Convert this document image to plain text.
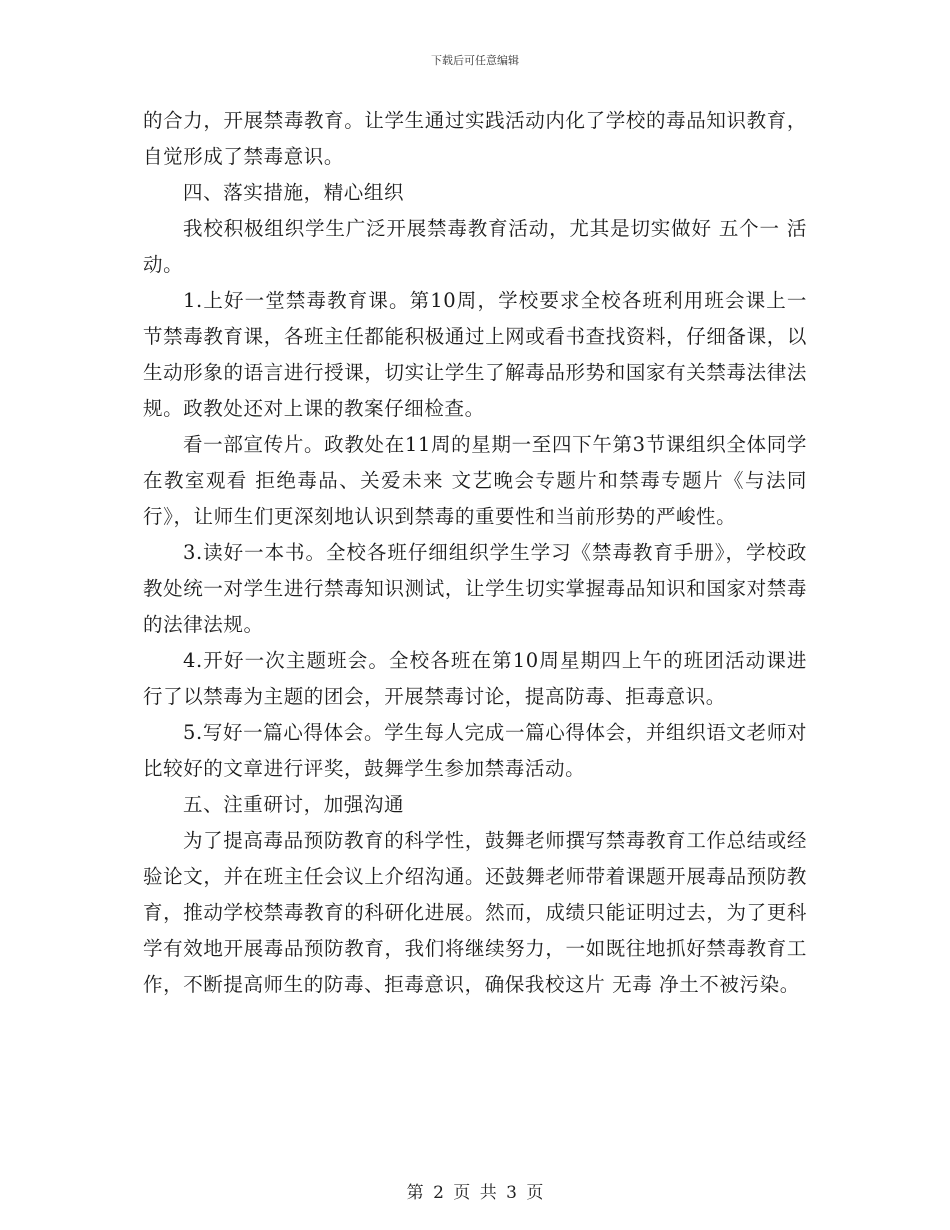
下载后可任意编辑

的合力，开展禁毒教育。让学生通过实践活动内化了学校的毒品知识教育，自觉形成了禁毒意识。

四、落实措施，精心组织

我校积极组织学生广泛开展禁毒教育活动，尤其是切实做好 五个一 活动。

1.上好一堂禁毒教育课。第10周，学校要求全校各班利用班会课上一节禁毒教育课，各班主任都能积极通过上网或看书查找资料，仔细备课，以生动形象的语言进行授课，切实让学生了解毒品形势和国家有关禁毒法律法规。政教处还对上课的教案仔细检查。

看一部宣传片。政教处在11周的星期一至四下午第3节课组织全体同学在教室观看 拒绝毒品、关爱未来 文艺晚会专题片和禁毒专题片《与法同行》，让师生们更深刻地认识到禁毒的重要性和当前形势的严峻性。

3.读好一本书。全校各班仔细组织学生学习《禁毒教育手册》，学校政教处统一对学生进行禁毒知识测试，让学生切实掌握毒品知识和国家对禁毒的法律法规。

4.开好一次主题班会。全校各班在第10周星期四上午的班团活动课进行了以禁毒为主题的团会，开展禁毒讨论，提高防毒、拒毒意识。

5.写好一篇心得体会。学生每人完成一篇心得体会，并组织语文老师对比较好的文章进行评奖，鼓舞学生参加禁毒活动。

五、注重研讨，加强沟通

为了提高毒品预防教育的科学性，鼓舞老师撰写禁毒教育工作总结或经验论文，并在班主任会议上介绍沟通。还鼓舞老师带着课题开展毒品预防教育，推动学校禁毒教育的科研化进展。然而，成绩只能证明过去，为了更科学有效地开展毒品预防教育，我们将继续努力，一如既往地抓好禁毒教育工作，不断提高师生的防毒、拒毒意识，确保我校这片 无毒 净土不被污染。

第 2 页 共 3 页
